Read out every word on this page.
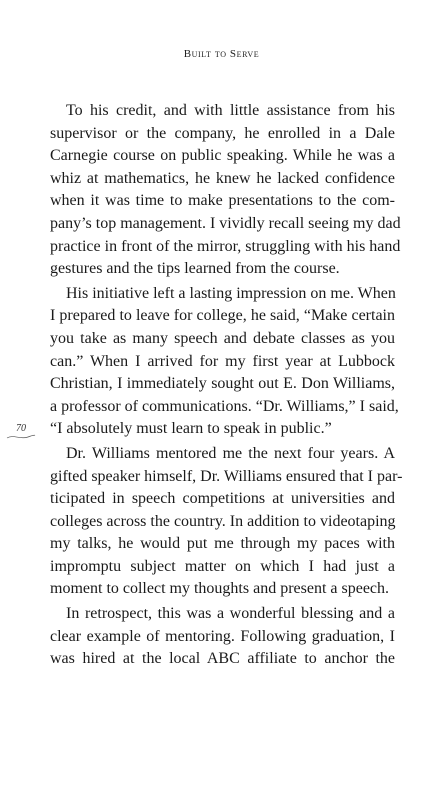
Built to Serve
70
To his credit, and with little assistance from his
supervisor or the company, he enrolled in a Dale
Carnegie course on public speaking. While he was a
whiz at mathematics, he knew he lacked confidence
when it was time to make presentations to the com-
pany’s top management. I vividly recall seeing my dad
practice in front of the mirror, struggling with his hand
gestures and the tips learned from the course.
His initiative left a lasting impression on me. When
I prepared to leave for college, he said, “Make certain
you take as many speech and debate classes as you
can.” When I arrived for my first year at Lubbock
Christian, I immediately sought out E. Don Williams,
a professor of communications. “Dr. Williams,” I said,
“I absolutely must learn to speak in public.”
Dr. Williams mentored me the next four years. A
gifted speaker himself, Dr. Williams ensured that I par-
ticipated in speech competitions at universities and
colleges across the country. In addition to videotaping
my talks, he would put me through my paces with
impromptu subject matter on which I had just a
moment to collect my thoughts and present a speech.
In retrospect, this was a wonderful blessing and a
clear example of mentoring. Following graduation, I
was hired at the local ABC affiliate to anchor the
